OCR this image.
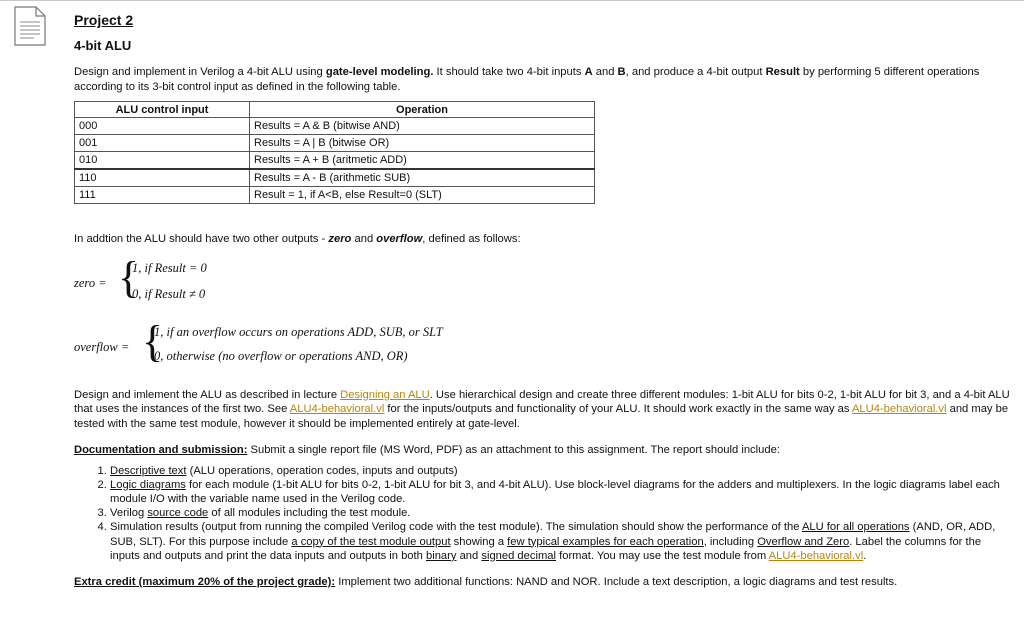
Project 2
4-bit ALU

Design and implement in Verilog a 4-bit ALU using gate-level modeling. It should take two 4-bit inputs A and B, and produce a 4-bit output Result by performing 5 different operations according to its 3-bit control input as defined in the following table.

ALU control input	Operation
000	Results = A & B (bitwise AND)
001	Results = A | B (bitwise OR)
010	Results = A + B (aritmetic ADD)
110	Results = A - B (arithmetic SUB)
111	Result = 1, if A<B, else Result=0 (SLT)

In addtion the ALU should have two other outputs - zero and overflow, defined as follows:

zero = {
1, if Result = 0
0, if Result ≠ 0
overflow = {
1, if an overflow occurs on operations ADD, SUB, or SLT
0, otherwise (no overflow or operations AND, OR)

Design and imlement the ALU as described in lecture Designing an ALU. Use hierarchical design and create three different modules: 1-bit ALU for bits 0-2, 1-bit ALU for bit 3, and a 4-bit ALU that uses the instances of the first two. See ALU4-behavioral.vl for the inputs/outputs and functionality of your ALU. It should work exactly in the same way as ALU4-behavioral.vl and may be tested with the same test module, however it should be implemented entirely at gate-level.

Documentation and submission: Submit a single report file (MS Word, PDF) as an attachment to this assignment. The report should include:

1. Descriptive text (ALU operations, operation codes, inputs and outputs)
2. Logic diagrams for each module (1-bit ALU for bits 0-2, 1-bit ALU for bit 3, and 4-bit ALU). Use block-level diagrams for the adders and multiplexers. In the logic diagrams label each module I/O with the variable name used in the Verilog code.
3. Verilog source code of all modules including the test module.
4. Simulation results (output from running the compiled Verilog code with the test module). The simulation should show the performance of the ALU for all operations (AND, OR, ADD, SUB, SLT). For this purpose include a copy of the test module output showing a few typical examples for each operation, including Overflow and Zero. Label the columns for the inputs and outputs and print the data inputs and outputs in both binary and signed decimal format. You may use the test module from ALU4-behavioral.vl.

Extra credit (maximum 20% of the project grade): Implement two additional functions: NAND and NOR. Include a text description, a logic diagrams and test results.
